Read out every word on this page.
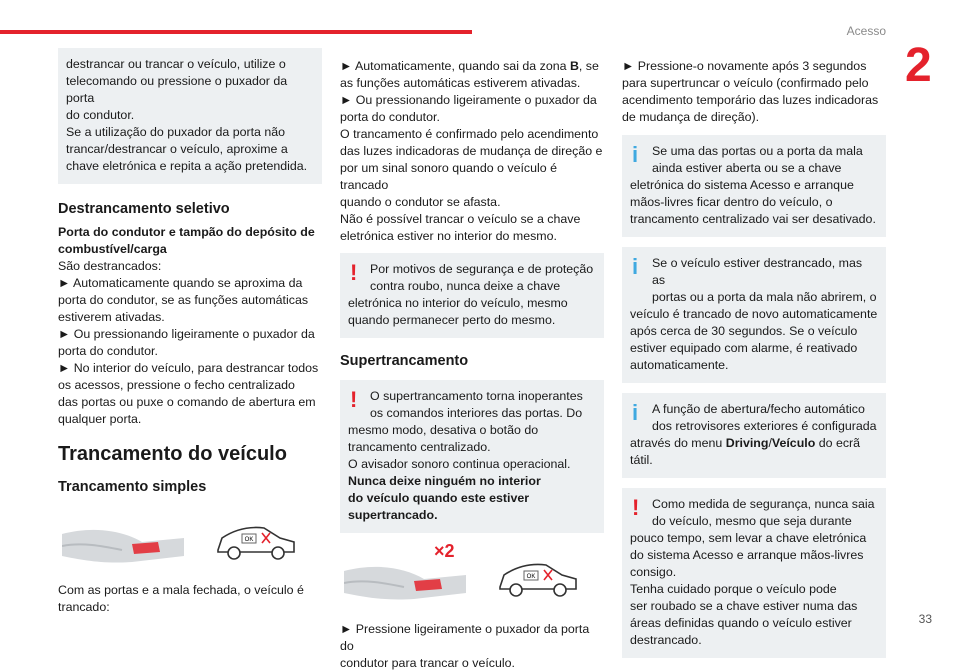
Acesso
2
33

destrancar ou trancar o veículo, utilize o

telecomando ou pressione o puxador da porta

do condutor.

Se a utilização do puxador da porta não

trancar/destrancar o veículo, aproxime a

chave eletrónica e repita a ação pretendida.

Destrancamento seletivo

Porta do condutor e tampão do depósito de

combustível/carga

São destrancados:

► Automaticamente quando se aproxima da

porta do condutor, se as funções automáticas

estiverem ativadas.

► Ou pressionando ligeiramente o puxador da

porta do condutor.

► No interior do veículo, para destrancar todos

os acessos, pressione o fecho centralizado

das portas ou puxe o comando de abertura em

qualquer porta.

Trancamento do veículo

Trancamento simples

OK

Com as portas e a mala fechada, o veículo é

trancado:

► Automaticamente, quando sai da zona B, se

as funções automáticas estiverem ativadas.

► Ou pressionando ligeiramente o puxador da

porta do condutor.

O trancamento é confirmado pelo acendimento

das luzes indicadoras de mudança de direção e

por um sinal sonoro quando o veículo é trancado

quando o condutor se afasta.

Não é possível trancar o veículo se a chave

eletrónica estiver no interior do mesmo.

!	Por motivos de segurança e de proteção

contra roubo, nunca deixe a chave

eletrónica no interior do veículo, mesmo

quando permanecer perto do mesmo.

Supertrancamento

!	O supertrancamento torna inoperantes

os comandos interiores das portas. Do

mesmo modo, desativa o botão do

trancamento centralizado.

O avisador sonoro continua operacional.

Nunca deixe ninguém no interior

do veículo quando este estiver

supertrancado.

×2
OK

► Pressione ligeiramente o puxador da porta do

condutor para trancar o veículo.

► Pressione-o novamente após 3 segundos

para supertruncar o veículo (confirmado pelo

acendimento temporário das luzes indicadoras

de mudança de direção).

i	Se uma das portas ou a porta da mala

ainda estiver aberta ou se a chave

eletrónica do sistema Acesso e arranque

mãos-livres ficar dentro do veículo, o

trancamento centralizado vai ser desativado.

i	Se o veículo estiver destrancado, mas as

portas ou a porta da mala não abrirem, o

veículo é trancado de novo automaticamente

após cerca de 30 segundos. Se o veículo

estiver equipado com alarme, é reativado

automaticamente.

i	A função de abertura/fecho automático

dos retrovisores exteriores é configurada

através do menu Driving/Veículo do ecrã

tátil.

!	Como medida de segurança, nunca saia

do veículo, mesmo que seja durante

pouco tempo, sem levar a chave eletrónica

do sistema Acesso e arranque mãos-livres

consigo.

Tenha cuidado porque o veículo pode

ser roubado se a chave estiver numa das

áreas definidas quando o veículo estiver

destrancado.
